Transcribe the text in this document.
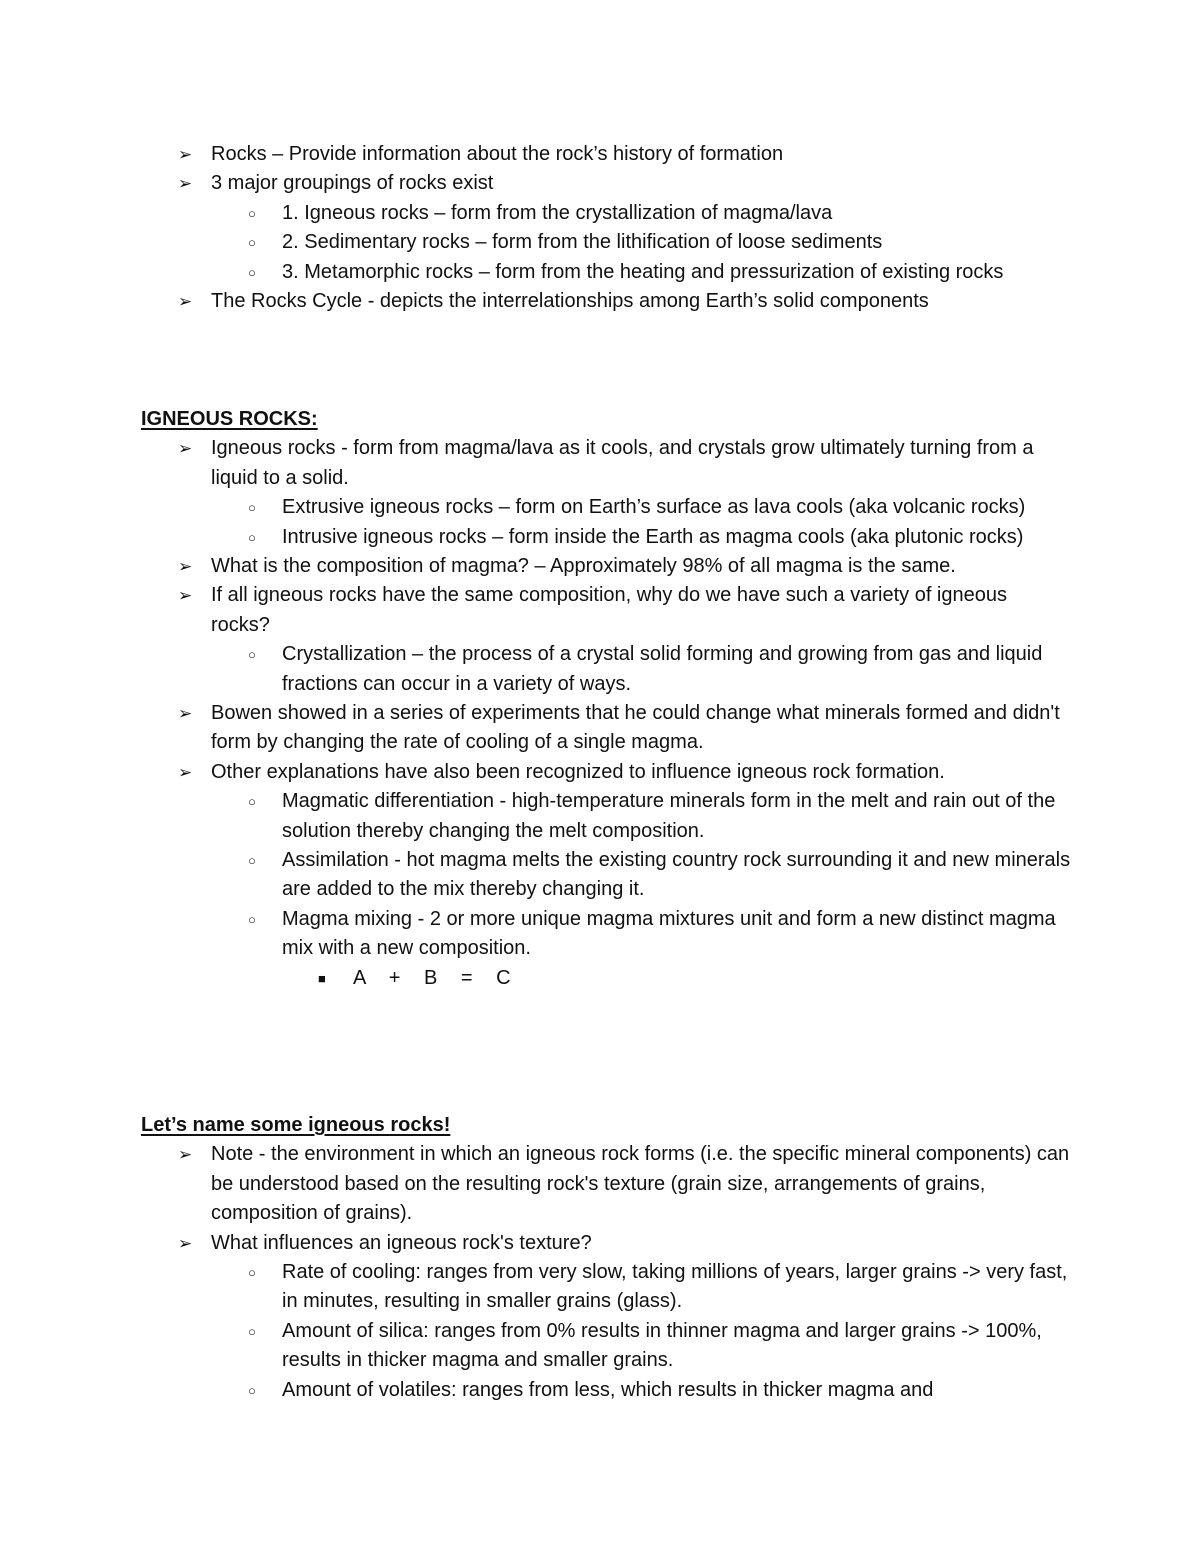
➢ Rocks – Provide information about the rock’s history of formation
➢ 3 major groupings of rocks exist
○ 1. Igneous rocks – form from the crystallization of magma/lava
○ 2. Sedimentary rocks – form from the lithification of loose sediments
○ 3. Metamorphic rocks – form from the heating and pressurization of existing rocks
➢ The Rocks Cycle - depicts the interrelationships among Earth’s solid components
IGNEOUS ROCKS:
➢ Igneous rocks - form from magma/lava as it cools, and crystals grow ultimately turning from a liquid to a solid.
○ Extrusive igneous rocks – form on Earth’s surface as lava cools (aka volcanic rocks)
○ Intrusive igneous rocks – form inside the Earth as magma cools (aka plutonic rocks)
➢ What is the composition of magma? – Approximately 98% of all magma is the same.
➢ If all igneous rocks have the same composition, why do we have such a variety of igneous rocks?
○ Crystallization – the process of a crystal solid forming and growing from gas and liquid fractions can occur in a variety of ways.
➢ Bowen showed in a series of experiments that he could change what minerals formed and didn't form by changing the rate of cooling of a single magma.
➢ Other explanations have also been recognized to influence igneous rock formation.
○ Magmatic differentiation - high-temperature minerals form in the melt and rain out of the solution thereby changing the melt composition.
○ Assimilation - hot magma melts the existing country rock surrounding it and new minerals are added to the mix thereby changing it.
○ Magma mixing - 2 or more unique magma mixtures unit and form a new distinct magma mix with a new composition.
■ A + B = C
Let’s name some igneous rocks!
➢ Note - the environment in which an igneous rock forms (i.e. the specific mineral components) can be understood based on the resulting rock's texture (grain size, arrangements of grains, composition of grains).
➢ What influences an igneous rock's texture?
○ Rate of cooling: ranges from very slow, taking millions of years, larger grains -> very fast, in minutes, resulting in smaller grains (glass).
○ Amount of silica: ranges from 0% results in thinner magma and larger grains -> 100%, results in thicker magma and smaller grains.
○ Amount of volatiles: ranges from less, which results in thicker magma and
